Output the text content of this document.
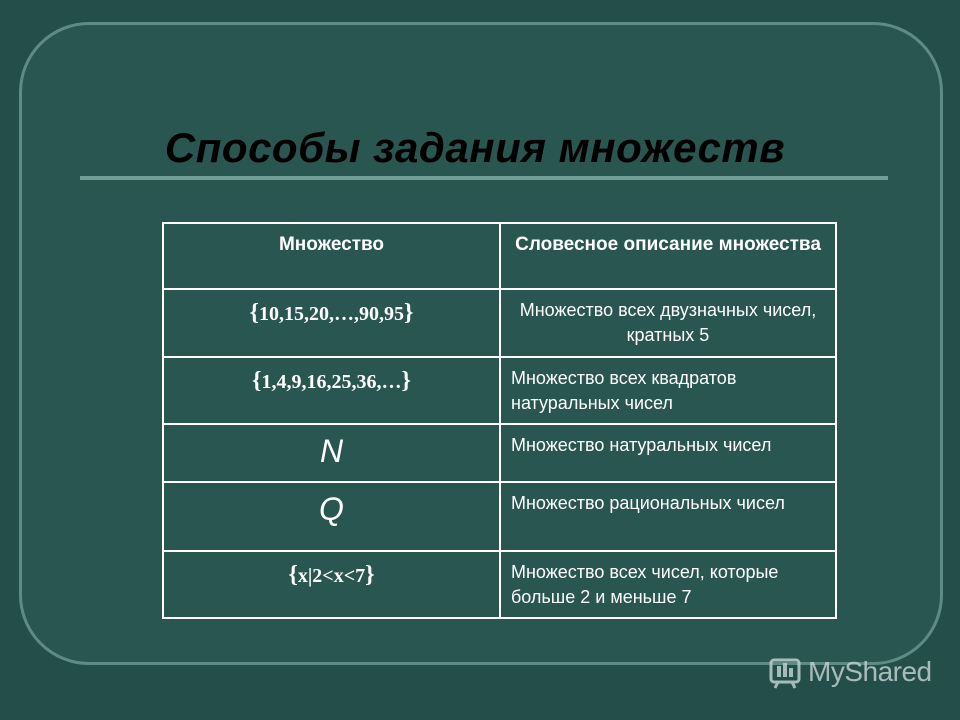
Способы задания множеств
Множество	Словесное описание множества
{10,15,20,…,90,95}	Множество всех двузначных чисел, кратных 5
{1,4,9,16,25,36,…}	Множество всех квадратов натуральных чисел
N	Множество натуральных чисел
Q	Множество рациональных чисел
{x|2<x<7}	Множество всех чисел, которые больше 2 и меньше 7
MyShared
